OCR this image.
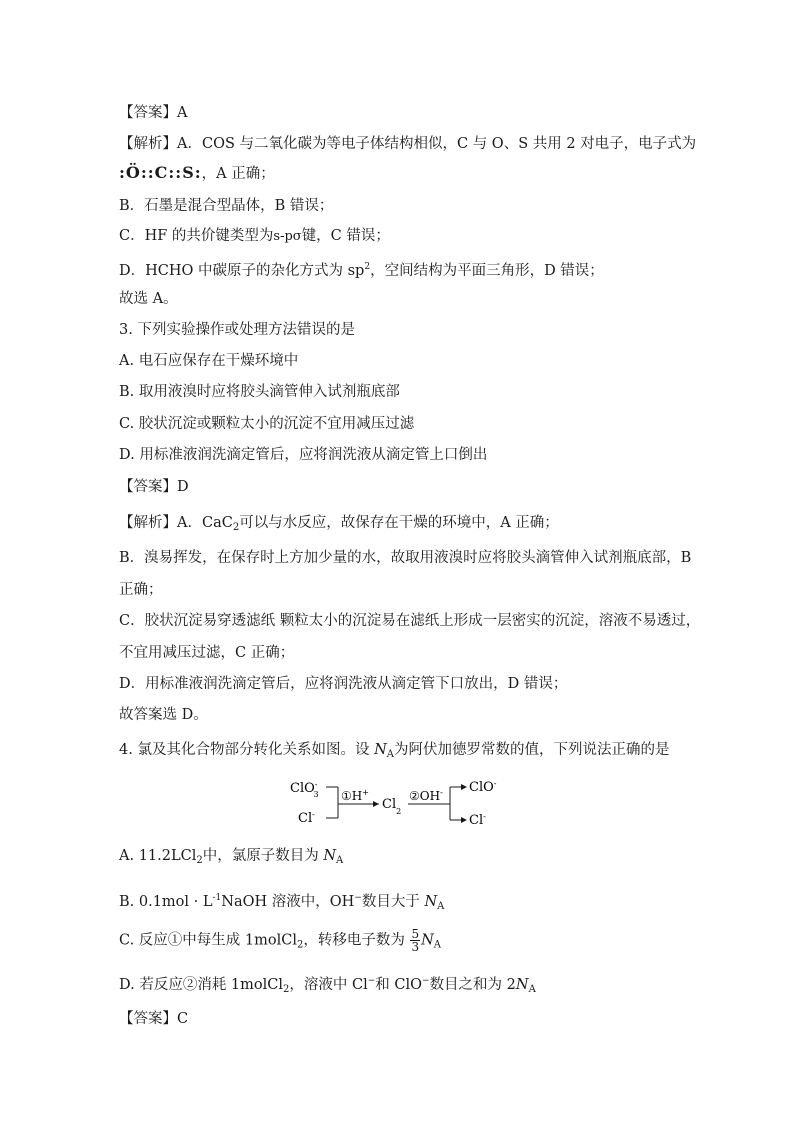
【答案】A
【解析】A．COS 与二氧化碳为等电子体结构相似，C 与 O、S 共用 2 对电子，电子式为
:Ö::C::S:，A 正确；
B．石墨是混合型晶体，B 错误；
C．HF 的共价键类型为s-pσ键，C 错误；
D．HCHO 中碳原子的杂化方式为 $sp^2$，空间结构为平面三角形，D 错误；
故选 A。
3. 下列实验操作或处理方法错误的是
A. 电石应保存在干燥环境中
B. 取用液溴时应将胶头滴管伸入试剂瓶底部
C. 胶状沉淀或颗粒太小的沉淀不宜用减压过滤
D. 用标准液润洗滴定管后，应将润洗液从滴定管上口倒出
【答案】D
【解析】A．CaC$_2$可以与水反应，故保存在干燥的环境中，A 正确；
B．溴易挥发，在保存时上方加少量的水，故取用液溴时应将胶头滴管伸入试剂瓶底部，B
正确；
C．胶状沉淀易穿透滤纸 颗粒太小的沉淀易在滤纸上形成一层密实的沉淀，溶液不易透过，
不宜用减压过滤，C 正确；
D．用标准液润洗滴定管后，应将润洗液从滴定管下口放出，D 错误；
故答案选 D。
4. 氯及其化合物部分转化关系如图。设 $N_A$为阿伏加德罗常数的值，下列说法正确的是
ClO-3
Cl-
①H+
$Cl_2$
②OH- ClO-
Cl-
A. 11.2LCl$_2$中，氯原子数目为 $N_A$
B. $0.1mol \cdot L^{-1}NaOH$ 溶液中，OH−数目大于 $N_A$
C. 反应①中每生成 1molCl$_2$，转移电子数为 $\frac{5}{3} N_A$
D. 若反应②消耗 1molCl$_2$，溶液中 Cl−和 ClO−数目之和为 $2N_A$
【答案】C
